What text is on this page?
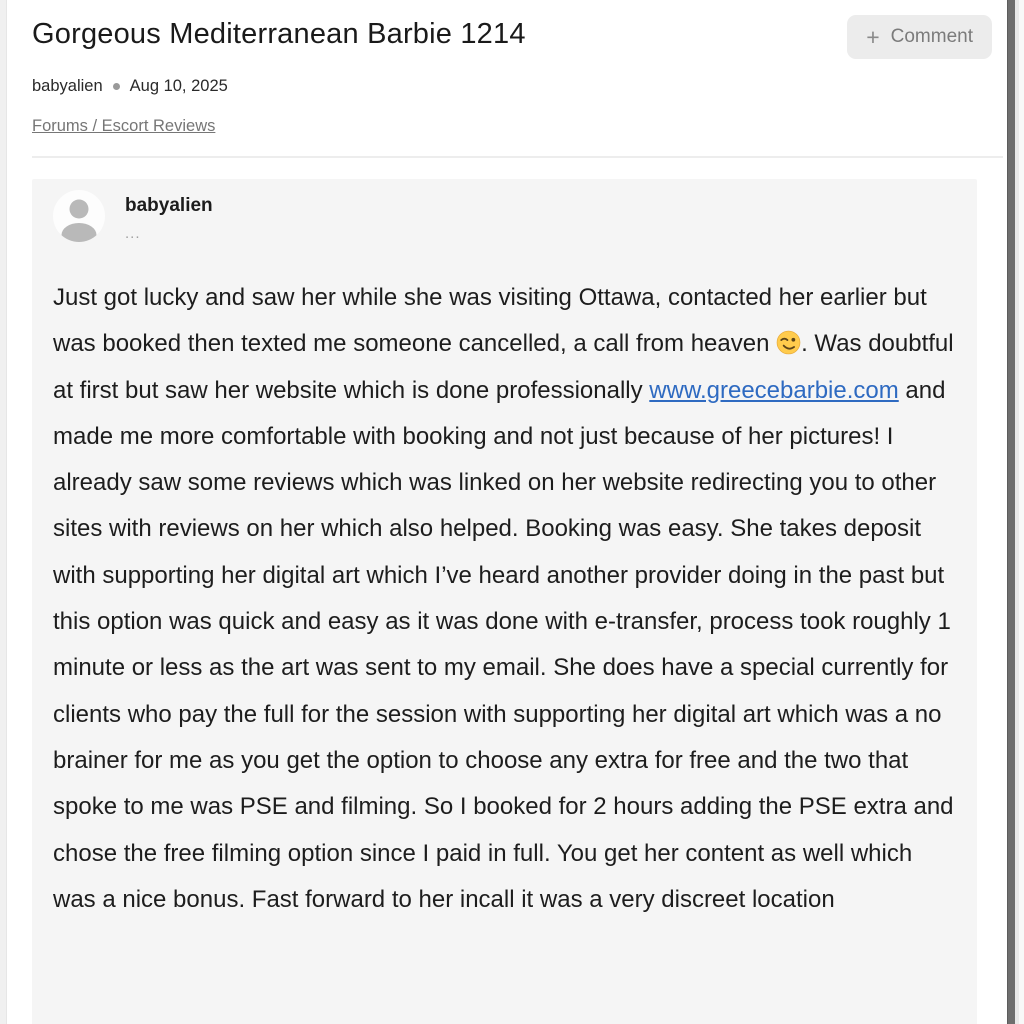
Gorgeous Mediterranean Barbie 1214	+ Comment
babyalien Aug 10, 2025
Forums / Escort Reviews
babyalien
...

Just got lucky and saw her while she was visiting Ottawa, contacted her earlier but was booked then texted me someone cancelled, a call from heaven . Was doubtful at first but saw her website which is done professionally www.greecebarbie.com and made me more comfortable with booking and not just because of her pictures! I already saw some reviews which was linked on her website redirecting you to other sites with reviews on her which also helped. Booking was easy. She takes deposit with supporting her digital art which I’ve heard another provider doing in the past but this option was quick and easy as it was done with e-transfer, process took roughly 1 minute or less as the art was sent to my email. She does have a special currently for clients who pay the full for the session with supporting her digital art which was a no brainer for me as you get the option to choose any extra for free and the two that spoke to me was PSE and filming. So I booked for 2 hours adding the PSE extra and chose the free filming option since I paid in full. You get her content as well which was a nice bonus. Fast forward to her incall it was a very discreet location
